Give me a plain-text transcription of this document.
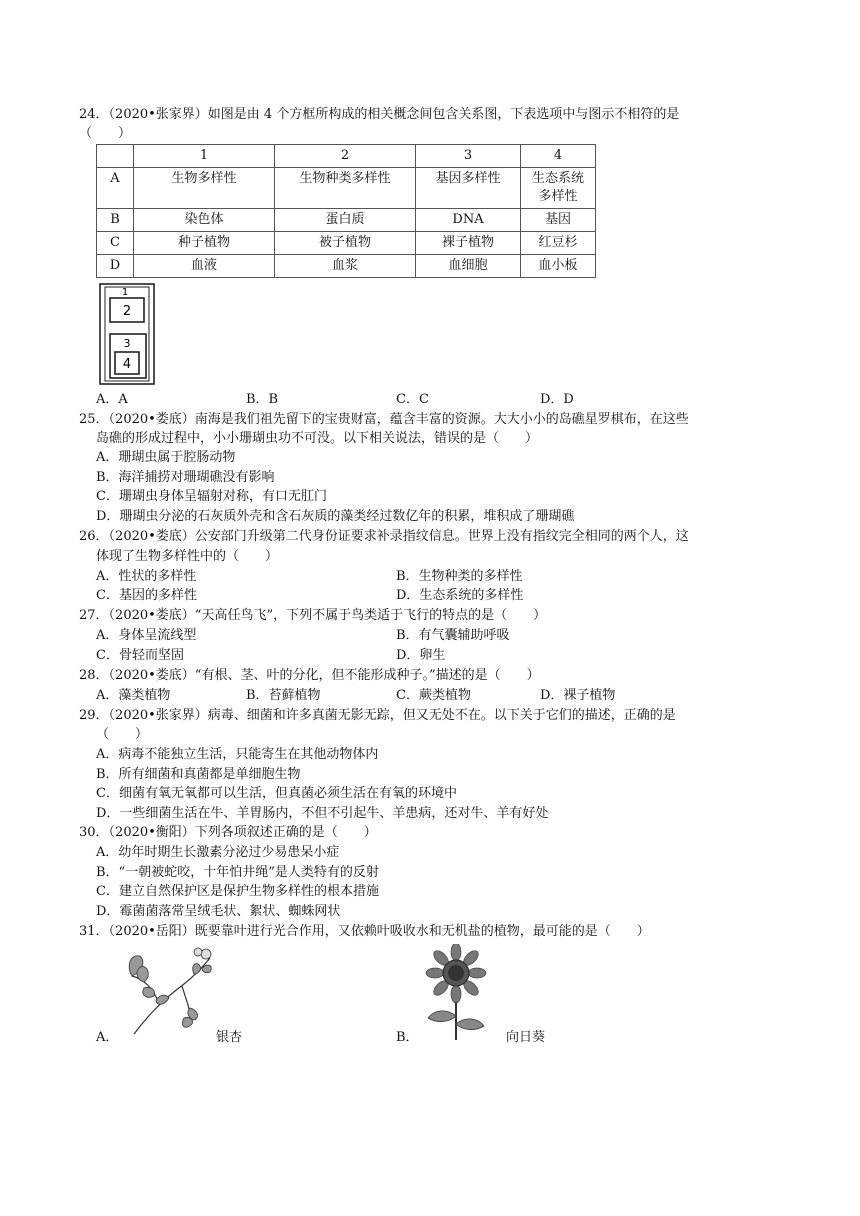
24．（2020•张家界）如图是由 4 个方框所构成的相关概念间包含关系图，下表选项中与图示不相符的是
（　　）
	1	2	3	4
A	生物多样性	生物种类多样性	基因多样性	生态系统
多样性
B	染色体	蛋白质	DNA	基因
C	种子植物	被子植物	裸子植物	红豆杉
D	血液	血浆	血细胞	血小板
1
2
3
4
A．A	B．B	C．C	D．D
25．（2020•娄底）南海是我们祖先留下的宝贵财富，蕴含丰富的资源。大大小小的岛礁星罗棋布，在这些
岛礁的形成过程中，小小珊瑚虫功不可没。以下相关说法，错误的是（　　）
A．珊瑚虫属于腔肠动物
B．海洋捕捞对珊瑚礁没有影响
C．珊瑚虫身体呈辐射对称，有口无肛门
D．珊瑚虫分泌的石灰质外壳和含石灰质的藻类经过数亿年的积累，堆积成了珊瑚礁
26．（2020•娄底）公安部门升级第二代身份证要求补录指纹信息。世界上没有指纹完全相同的两个人，这
体现了生物多样性中的（　　）
A．性状的多样性	B．生物种类的多样性
C．基因的多样性	D．生态系统的多样性
27．（2020•娄底）“天高任鸟飞”，下列不属于鸟类适于飞行的特点的是（　　）
A．身体呈流线型	B．有气囊辅助呼吸
C．骨轻而坚固	D．卵生
28．（2020•娄底）“有根、茎、叶的分化，但不能形成种子。”描述的是（　　）
A．藻类植物	B．苔藓植物	C．蕨类植物	D．裸子植物
29．（2020•张家界）病毒、细菌和许多真菌无影无踪，但又无处不在。以下关于它们的描述，正确的是
（　　）
A．病毒不能独立生活，只能寄生在其他动物体内
B．所有细菌和真菌都是单细胞生物
C．细菌有氧无氧都可以生活，但真菌必须生活在有氧的环境中
D．一些细菌生活在牛、羊胃肠内，不但不引起牛、羊患病，还对牛、羊有好处
30．（2020•衡阳）下列各项叙述正确的是（　　）
A．幼年时期生长激素分泌过少易患呆小症
B．“一朝被蛇咬，十年怕井绳”是人类特有的反射
C．建立自然保护区是保护生物多样性的根本措施
D．霉菌菌落常呈绒毛状、絮状、蜘蛛网状
31．（2020•岳阳）既要靠叶进行光合作用，又依赖叶吸收水和无机盐的植物，最可能的是（　　）
A．	银杏	B．	向日葵
